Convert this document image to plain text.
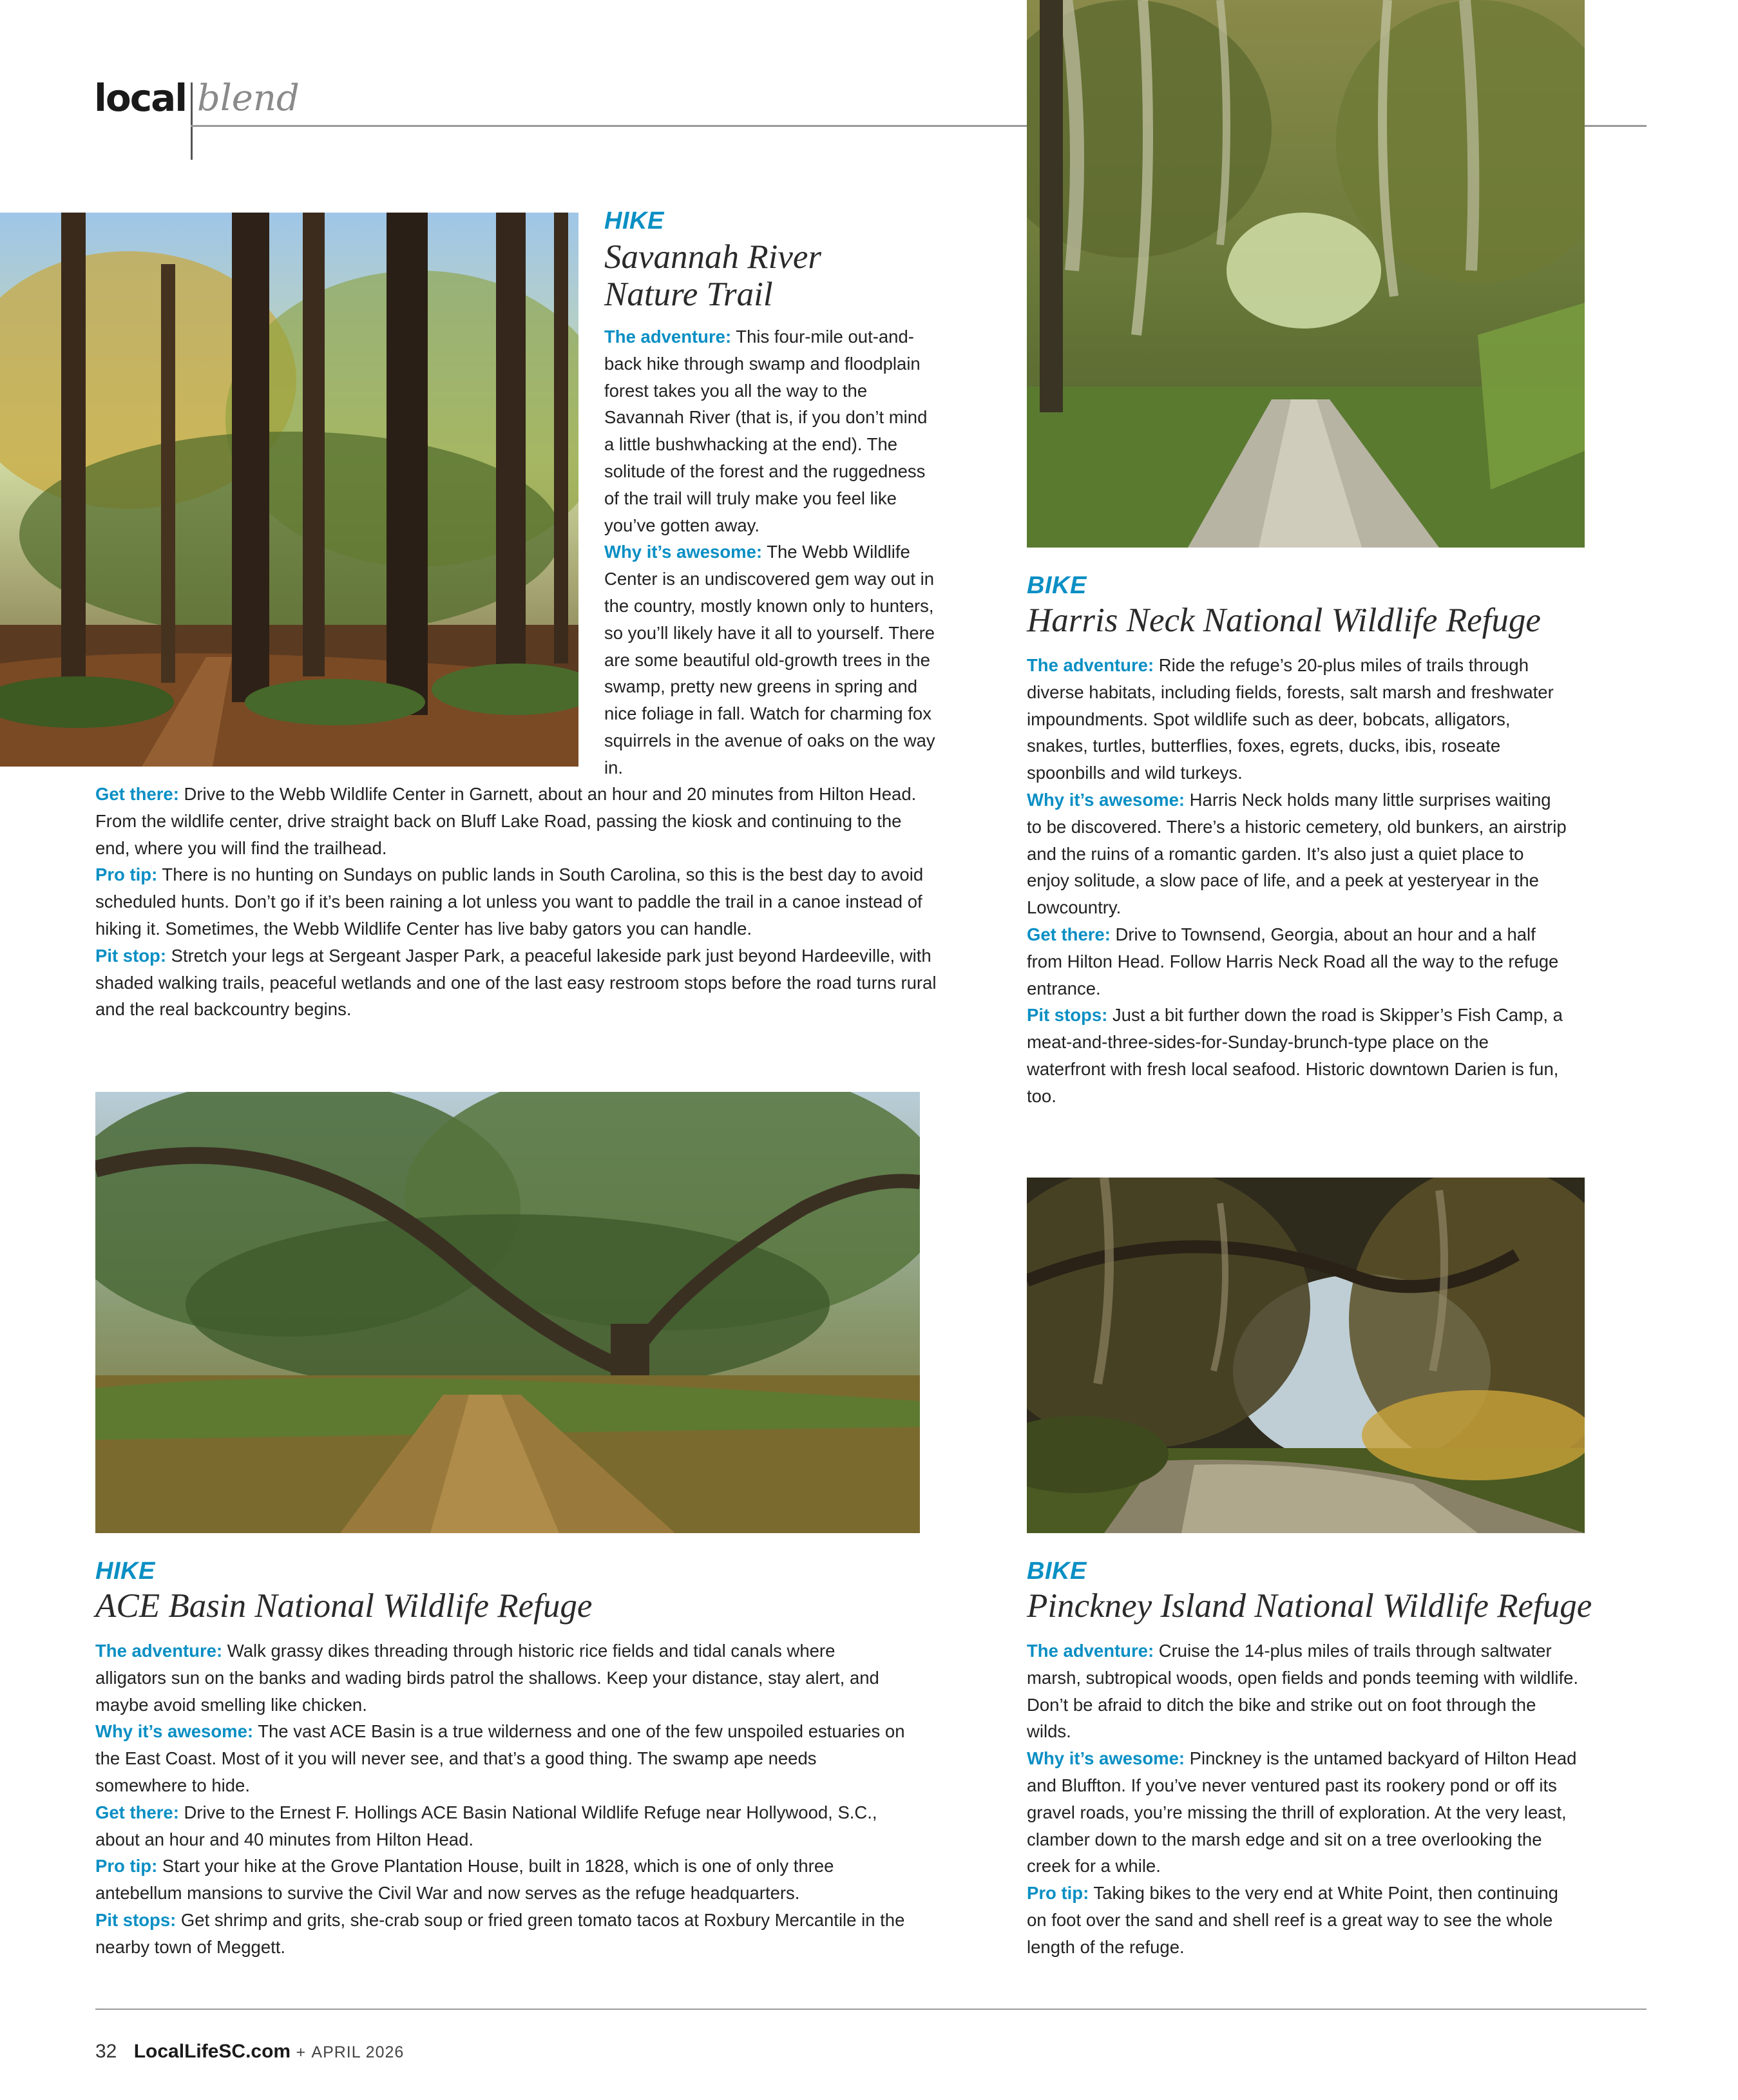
local blend
HIKE
Savannah River
Nature Trail

The adventure: This four-mile out-and-back hike through swamp and floodplain forest takes you all the way to the Savannah River (that is, if you don’t mind a little bushwhacking at the end). The solitude of the forest and the ruggedness of the trail will truly make you feel like you’ve gotten away.

Why it’s awesome: The Webb Wildlife Center is an undiscovered gem way out in the country, mostly known only to hunters, so you’ll likely have it all to yourself. There are some beautiful old-growth trees in the swamp, pretty new greens in spring and nice foliage in fall. Watch for charming fox squirrels in the avenue of oaks on the way in.

Get there: Drive to the Webb Wildlife Center in Garnett, about an hour and 20 minutes from Hilton Head. From the wildlife center, drive straight back on Bluff Lake Road, passing the kiosk and continuing to the end, where you will find the trailhead.

Pro tip: There is no hunting on Sundays on public lands in South Carolina, so this is the best day to avoid scheduled hunts. Don’t go if it’s been raining a lot unless you want to paddle the trail in a canoe instead of hiking it. Sometimes, the Webb Wildlife Center has live baby gators you can handle.

Pit stop: Stretch your legs at Sergeant Jasper Park, a peaceful lakeside park just beyond Hardeeville, with shaded walking trails, peaceful wetlands and one of the last easy restroom stops before the road turns rural and the real backcountry begins.

BIKE
Harris Neck National Wildlife Refuge

The adventure: Ride the refuge’s 20-plus miles of trails through diverse habitats, including fields, forests, salt marsh and freshwater impoundments. Spot wildlife such as deer, bobcats, alligators, snakes, turtles, butterflies, foxes, egrets, ducks, ibis, roseate spoonbills and wild turkeys.

Why it’s awesome: Harris Neck holds many little surprises waiting to be discovered. There’s a historic cemetery, old bunkers, an airstrip and the ruins of a romantic garden. It’s also just a quiet place to enjoy solitude, a slow pace of life, and a peek at yesteryear in the Lowcountry.

Get there: Drive to Townsend, Georgia, about an hour and a half from Hilton Head. Follow Harris Neck Road all the way to the refuge entrance.

Pit stops: Just a bit further down the road is Skipper’s Fish Camp, a meat-and-three-sides-for-Sunday-brunch-type place on the waterfront with fresh local seafood. Historic downtown Darien is fun, too.

HIKE
ACE Basin National Wildlife Refuge

The adventure: Walk grassy dikes threading through historic rice fields and tidal canals where alligators sun on the banks and wading birds patrol the shallows. Keep your distance, stay alert, and maybe avoid smelling like chicken.

Why it’s awesome: The vast ACE Basin is a true wilderness and one of the few unspoiled estuaries on the East Coast. Most of it you will never see, and that’s a good thing. The swamp ape needs somewhere to hide.

Get there: Drive to the Ernest F. Hollings ACE Basin National Wildlife Refuge near Hollywood, S.C., about an hour and 40 minutes from Hilton Head.

Pro tip: Start your hike at the Grove Plantation House, built in 1828, which is one of only three antebellum mansions to survive the Civil War and now serves as the refuge headquarters.

Pit stops: Get shrimp and grits, she-crab soup or fried green tomato tacos at Roxbury Mercantile in the nearby town of Meggett.

BIKE
Pinckney Island National Wildlife Refuge

The adventure: Cruise the 14-plus miles of trails through saltwater marsh, subtropical woods, open fields and ponds teeming with wildlife. Don’t be afraid to ditch the bike and strike out on foot through the wilds.

Why it’s awesome: Pinckney is the untamed backyard of Hilton Head and Bluffton. If you’ve never ventured past its rookery pond or off its gravel roads, you’re missing the thrill of exploration. At the very least, clamber down to the marsh edge and sit on a tree overlooking the creek for a while.

Pro tip: Taking bikes to the very end at White Point, then continuing on foot over the sand and shell reef is a great way to see the whole length of the refuge.

32 LocalLifeSC.com + APRIL 2026
